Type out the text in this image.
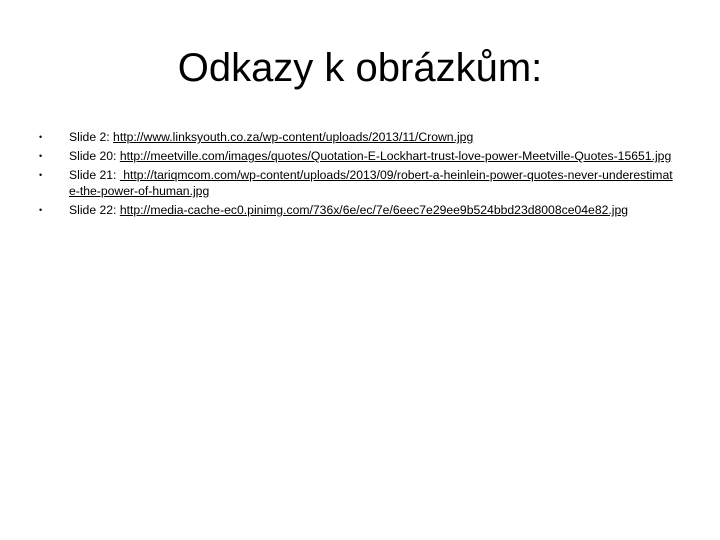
Odkazy k obrázkům:
• Slide 2: http://www.linksyouth.co.za/wp-content/uploads/2013/11/Crown.jpg
• Slide 20: http://meetville.com/images/quotes/Quotation-E-Lockhart-trust-love-power-Meetville-Quotes-15651.jpg
• Slide 21:  http://tariqmcom.com/wp-content/uploads/2013/09/robert-a-heinlein-power-quotes-never-underestimate-the-power-of-human.jpg
• Slide 22: http://media-cache-ec0.pinimg.com/736x/6e/ec/7e/6eec7e29ee9b524bbd23d8008ce04e82.jpg
